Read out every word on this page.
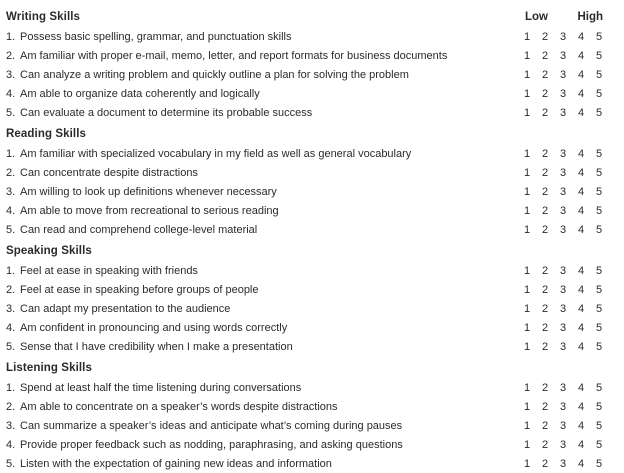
Writing Skills	Low	High
1. Possess basic spelling, grammar, and punctuation skills	1	2	3	4	5
2. Am familiar with proper e-mail, memo, letter, and report formats for business documents	1	2	3	4	5
3. Can analyze a writing problem and quickly outline a plan for solving the problem	1	2	3	4	5
4. Am able to organize data coherently and logically	1	2	3	4	5
5. Can evaluate a document to determine its probable success	1	2	3	4	5
Reading Skills
1. Am familiar with specialized vocabulary in my field as well as general vocabulary	1	2	3	4	5
2. Can concentrate despite distractions	1	2	3	4	5
3. Am willing to look up definitions whenever necessary	1	2	3	4	5
4. Am able to move from recreational to serious reading	1	2	3	4	5
5. Can read and comprehend college-level material	1	2	3	4	5
Speaking Skills
1. Feel at ease in speaking with friends	1	2	3	4	5
2. Feel at ease in speaking before groups of people	1	2	3	4	5
3. Can adapt my presentation to the audience	1	2	3	4	5
4. Am confident in pronouncing and using words correctly	1	2	3	4	5
5. Sense that I have credibility when I make a presentation	1	2	3	4	5
Listening Skills
1. Spend at least half the time listening during conversations	1	2	3	4	5
2. Am able to concentrate on a speaker’s words despite distractions	1	2	3	4	5
3. Can summarize a speaker’s ideas and anticipate what’s coming during pauses	1	2	3	4	5
4. Provide proper feedback such as nodding, paraphrasing, and asking questions	1	2	3	4	5
5. Listen with the expectation of gaining new ideas and information	1	2	3	4	5
